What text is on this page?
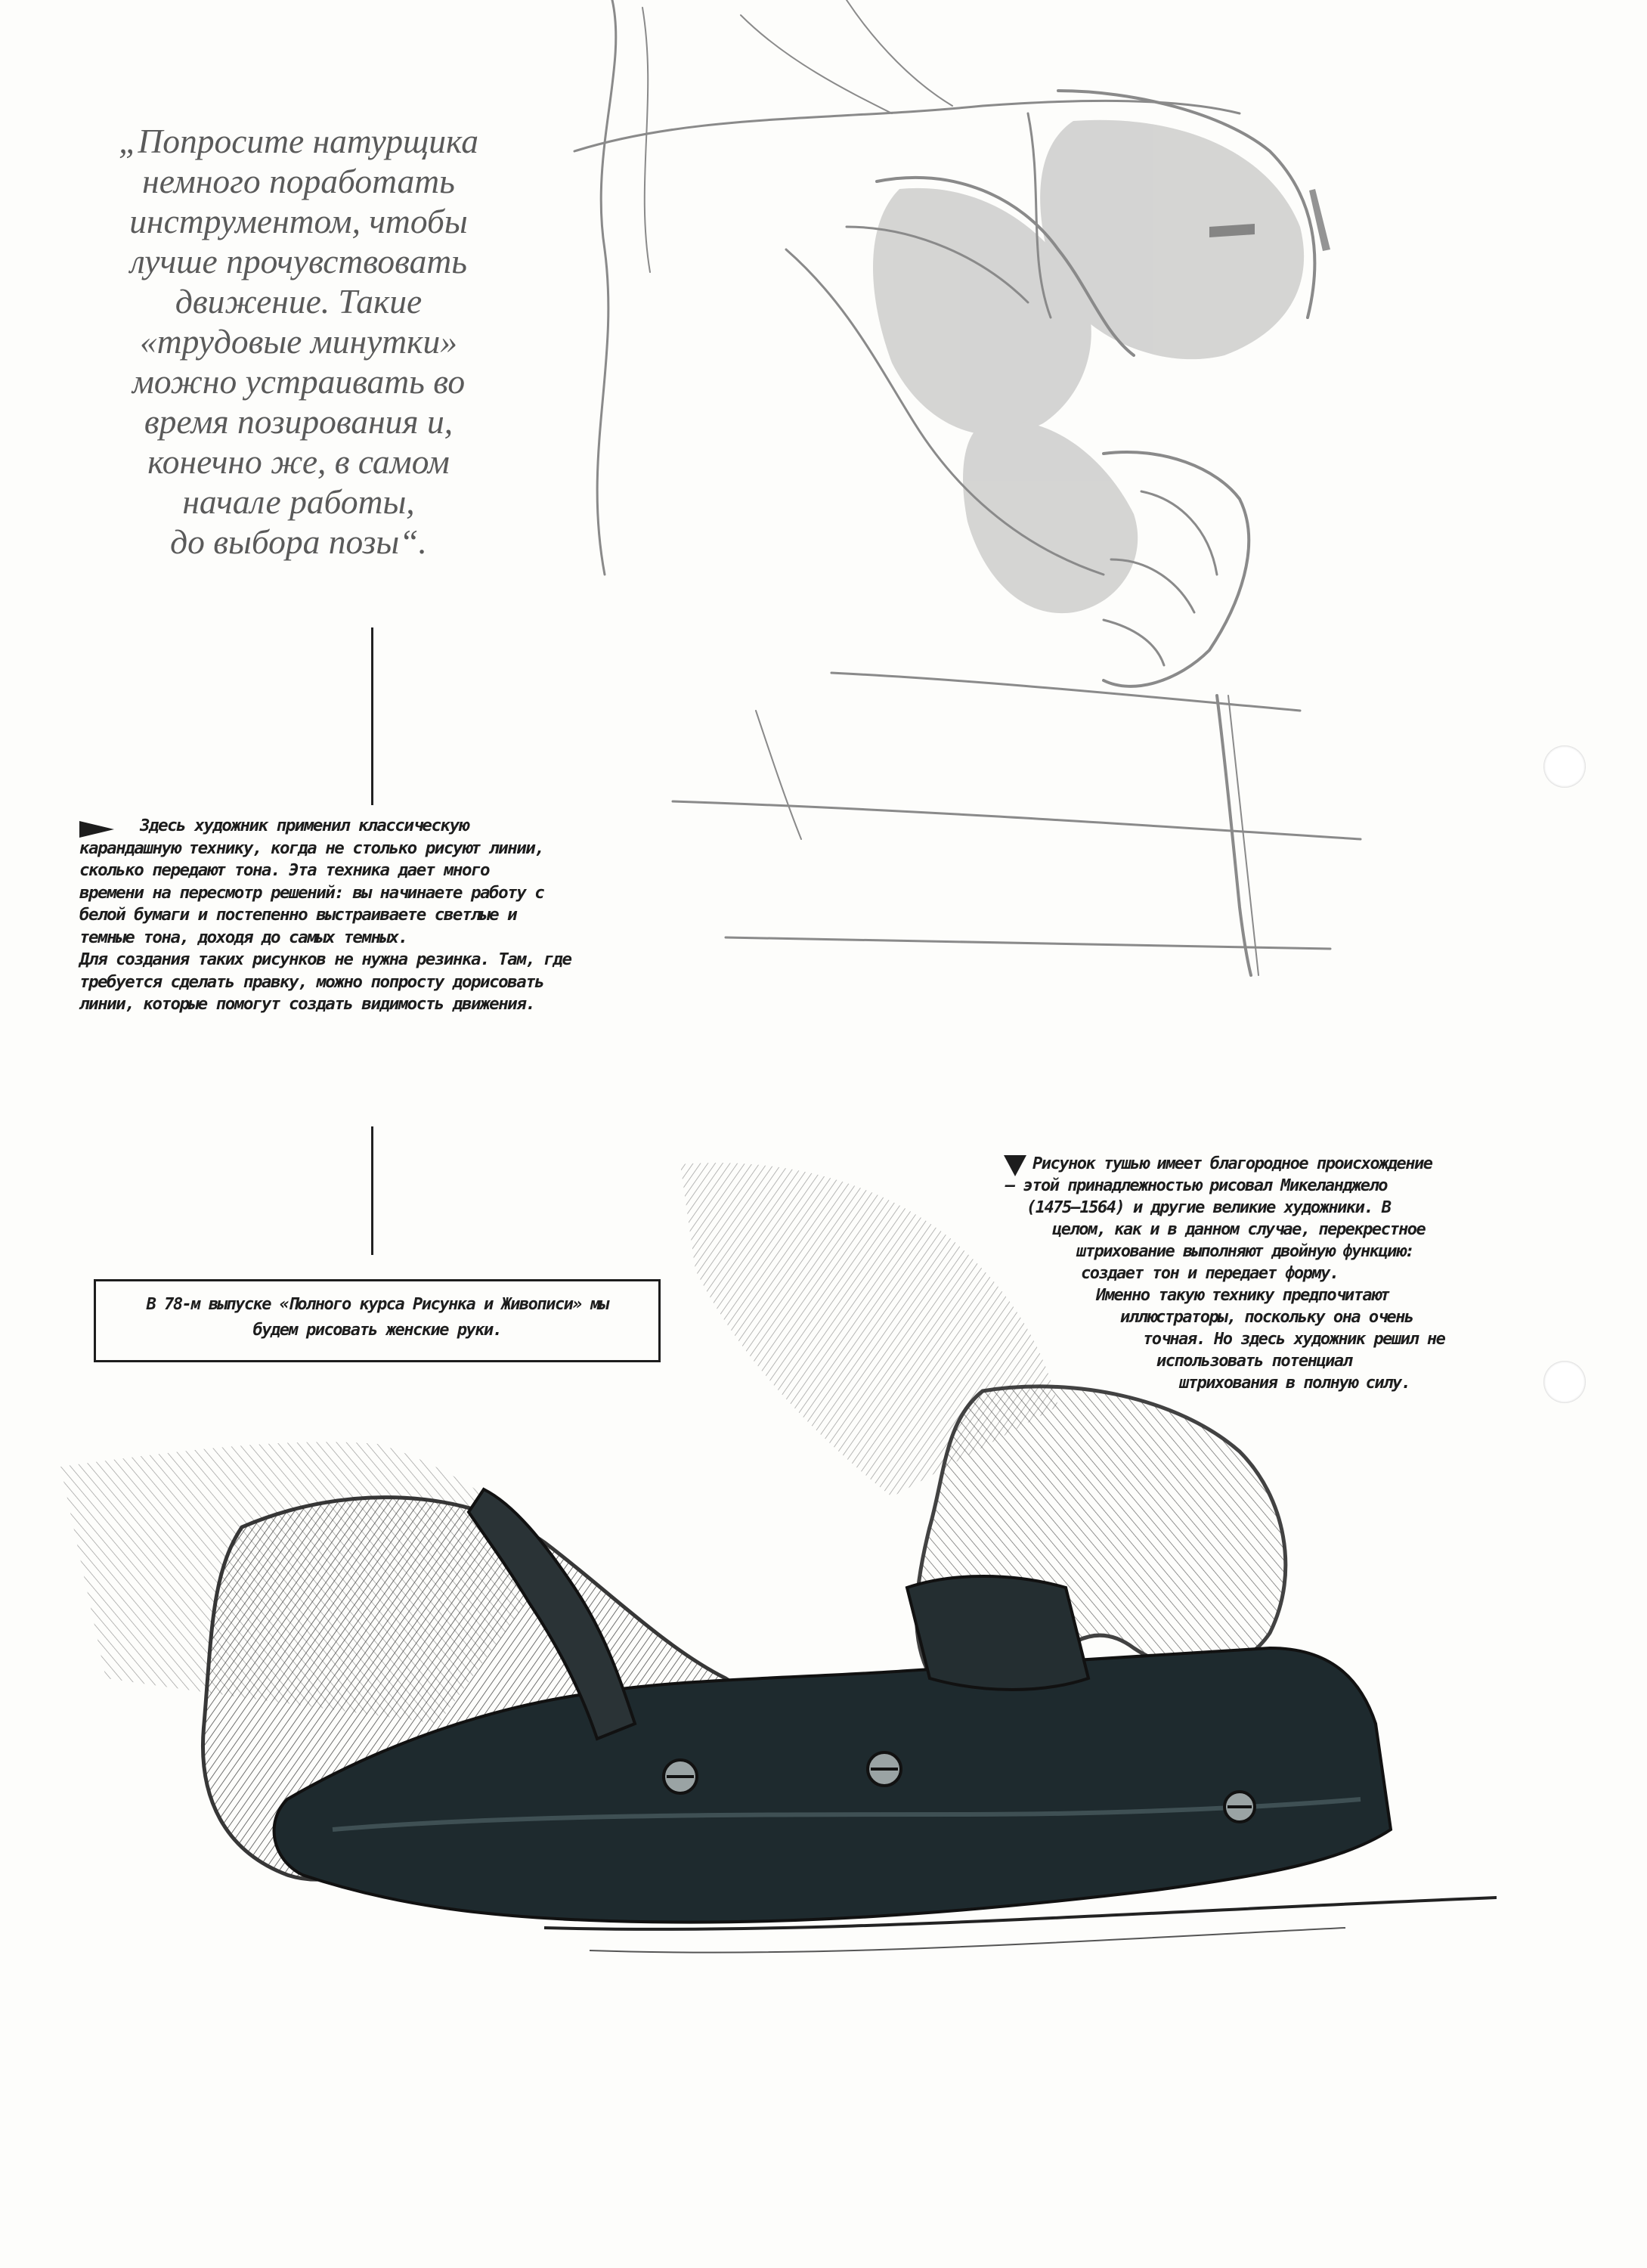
„Попросите натурщика
немного поработать
инструментом, чтобы
лучше прочувствовать
движение. Такие
«трудовые минутки»
можно устраивать во
время позирования и,
конечно же, в самом
начале работы,
до выбора позы“.
Здесь художник применил классическую
карандашную технику, когда не столько рисуют линии,
сколько передают тона. Эта техника дает много
времени на пересмотр решений: вы начинаете работу с
белой бумаги и постепенно выстраиваете светлые и
темные тона, доходя до самых темных.
Для создания таких рисунков не нужна резинка. Там, где
требуется сделать правку, можно попросту дорисовать
линии, которые помогут создать видимость движения.
Рисунок тушью имеет благородное происхождение
– этой принадлежностью рисовал Микеланджело
(1475–1564) и другие великие художники. В
целом, как и в данном случае, перекрестное
штрихование выполняют двойную функцию:
создает тон и передает форму.
Именно такую технику предпочитают
иллюстраторы, поскольку она очень
точная. Но здесь художник решил не
использовать потенциал
штрихования в полную силу.
В 78-м выпуске «Полного курса Рисунка и Живописи» мы
будем рисовать женские руки.
